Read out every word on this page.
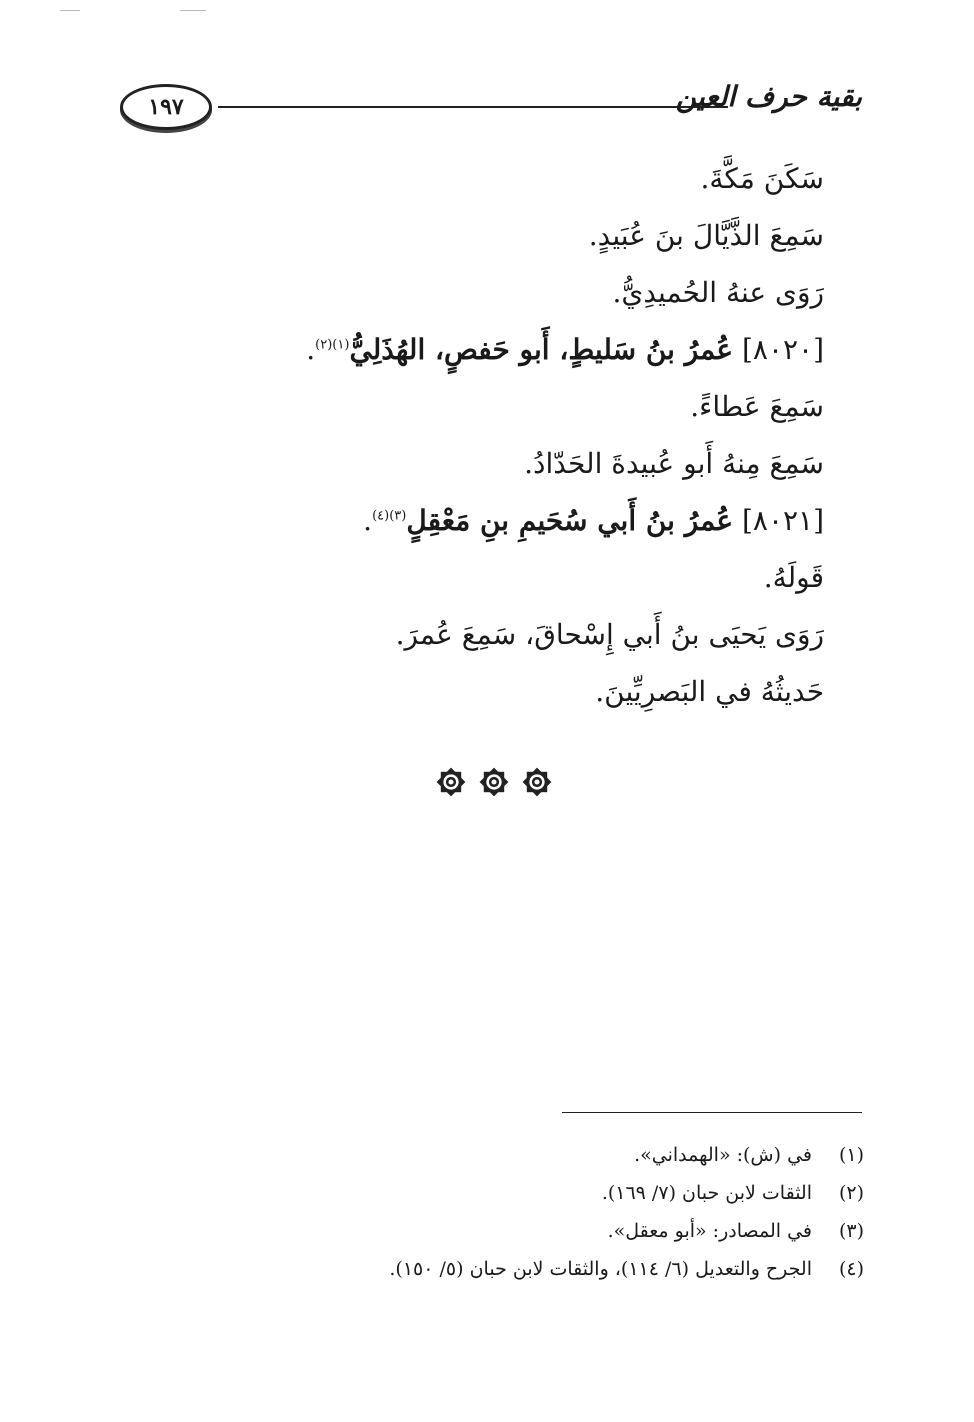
١٩٧	بقية حرف العين
سَكَنَ مَكَّةَ.
سَمِعَ الذَّيَّالَ بنَ عُبَيدٍ.
رَوَى عنهُ الحُميدِيُّ.
[٨٠٢٠] عُمرُ بنُ سَليطٍ، أَبو حَفصٍ، الهُذَلِيُّ$^{(١)(٢)}$.
سَمِعَ عَطاءً.
سَمِعَ مِنهُ أَبو عُبيدةَ الحَدّادُ.
[٨٠٢١] عُمرُ بنُ أَبي سُحَيمِ بنِ مَعْقِلٍ$^{(٣)(٤)}$.
قَولَهُ.
رَوَى يَحيَى بنُ أَبي إِسْحاقَ، سَمِعَ عُمرَ.
حَديثُهُ في البَصرِيِّينَ.
(١)في (ش): «الهمداني».
(٢)الثقات لابن حبان (٧/ ١٦٩).
(٣)في المصادر: «أبو معقل».
(٤)الجرح والتعديل (٦/ ١١٤)، والثقات لابن حبان (٥/ ١٥٠).
